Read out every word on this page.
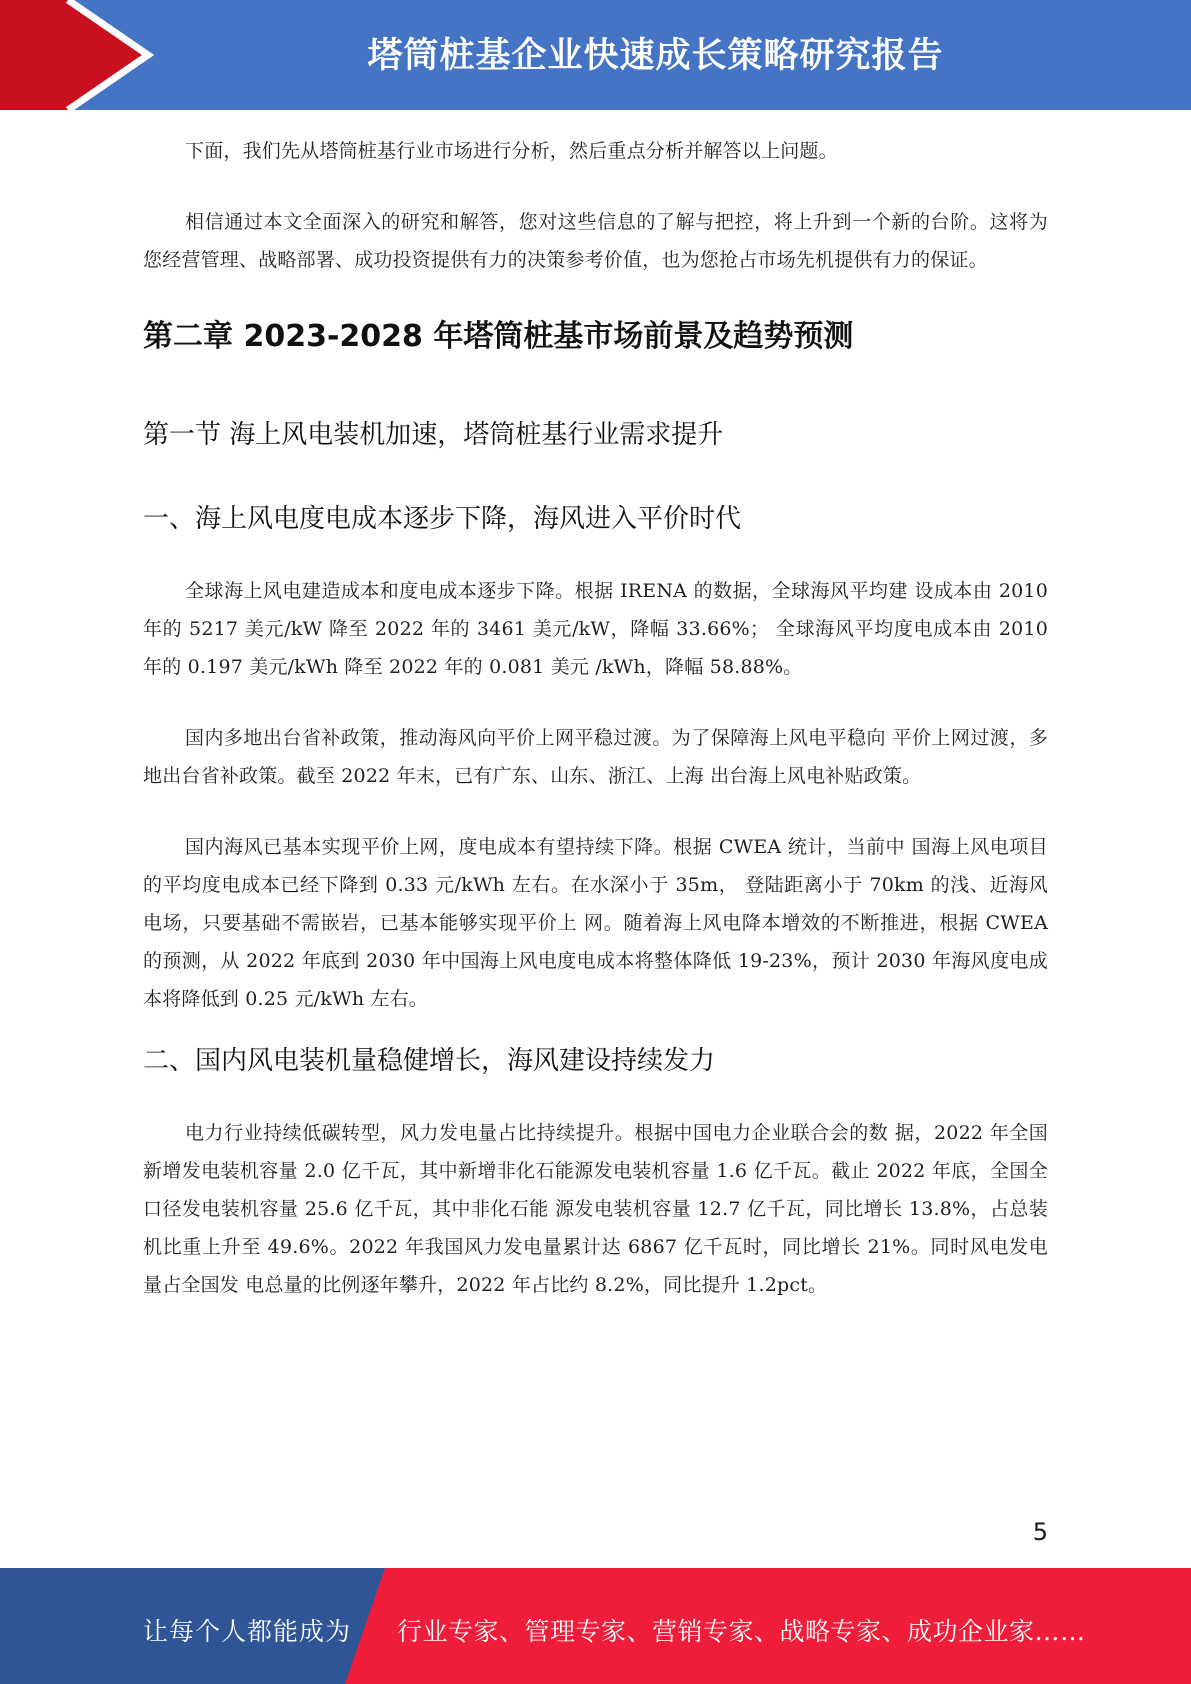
塔筒桩基企业快速成长策略研究报告

下面，我们先从塔筒桩基行业市场进行分析，然后重点分析并解答以上问题。

相信通过本文全面深入的研究和解答，您对这些信息的了解与把控，将上升到一个新的台阶。这将为您经营管理、战略部署、成功投资提供有力的决策参考价值，也为您抢占市场先机提供有力的保证。

第二章 2023-2028 年塔筒桩基市场前景及趋势预测
第一节 海上风电装机加速，塔筒桩基行业需求提升
一、海上风电度电成本逐步下降，海风进入平价时代

全球海上风电建造成本和度电成本逐步下降。根据 IRENA 的数据，全球海风平均建 设成本由 2010 年的 5217 美元/kW 降至 2022 年的 3461 美元/kW，降幅 33.66%； 全球海风平均度电成本由 2010 年的 0.197 美元/kWh 降至 2022 年的 0.081 美元 /kWh，降幅 58.88%。

国内多地出台省补政策，推动海风向平价上网平稳过渡。为了保障海上风电平稳向 平价上网过渡，多地出台省补政策。截至 2022 年末，已有广东、山东、浙江、上海 出台海上风电补贴政策。

国内海风已基本实现平价上网，度电成本有望持续下降。根据 CWEA 统计，当前中 国海上风电项目的平均度电成本已经下降到 0.33 元/kWh 左右。在水深小于 35m， 登陆距离小于 70km 的浅、近海风电场，只要基础不需嵌岩，已基本能够实现平价上 网。随着海上风电降本增效的不断推进，根据 CWEA 的预测，从 2022 年底到 2030 年中国海上风电度电成本将整体降低 19-23%，预计 2030 年海风度电成本将降低到 0.25 元/kWh 左右。

二、国内风电装机量稳健增长，海风建设持续发力

电力行业持续低碳转型，风力发电量占比持续提升。根据中国电力企业联合会的数 据，2022 年全国新增发电装机容量 2.0 亿千瓦，其中新增非化石能源发电装机容量 1.6 亿千瓦。截止 2022 年底，全国全口径发电装机容量 25.6 亿千瓦，其中非化石能 源发电装机容量 12.7 亿千瓦，同比增长 13.8%，占总装机比重上升至 49.6%。2022 年我国风力发电量累计达 6867 亿千瓦时，同比增长 21%。同时风电发电量占全国发 电总量的比例逐年攀升，2022 年占比约 8.2%，同比提升 1.2pct。

5
让每个人都能成为 行业专家、管理专家、营销专家、战略专家、成功企业家……
